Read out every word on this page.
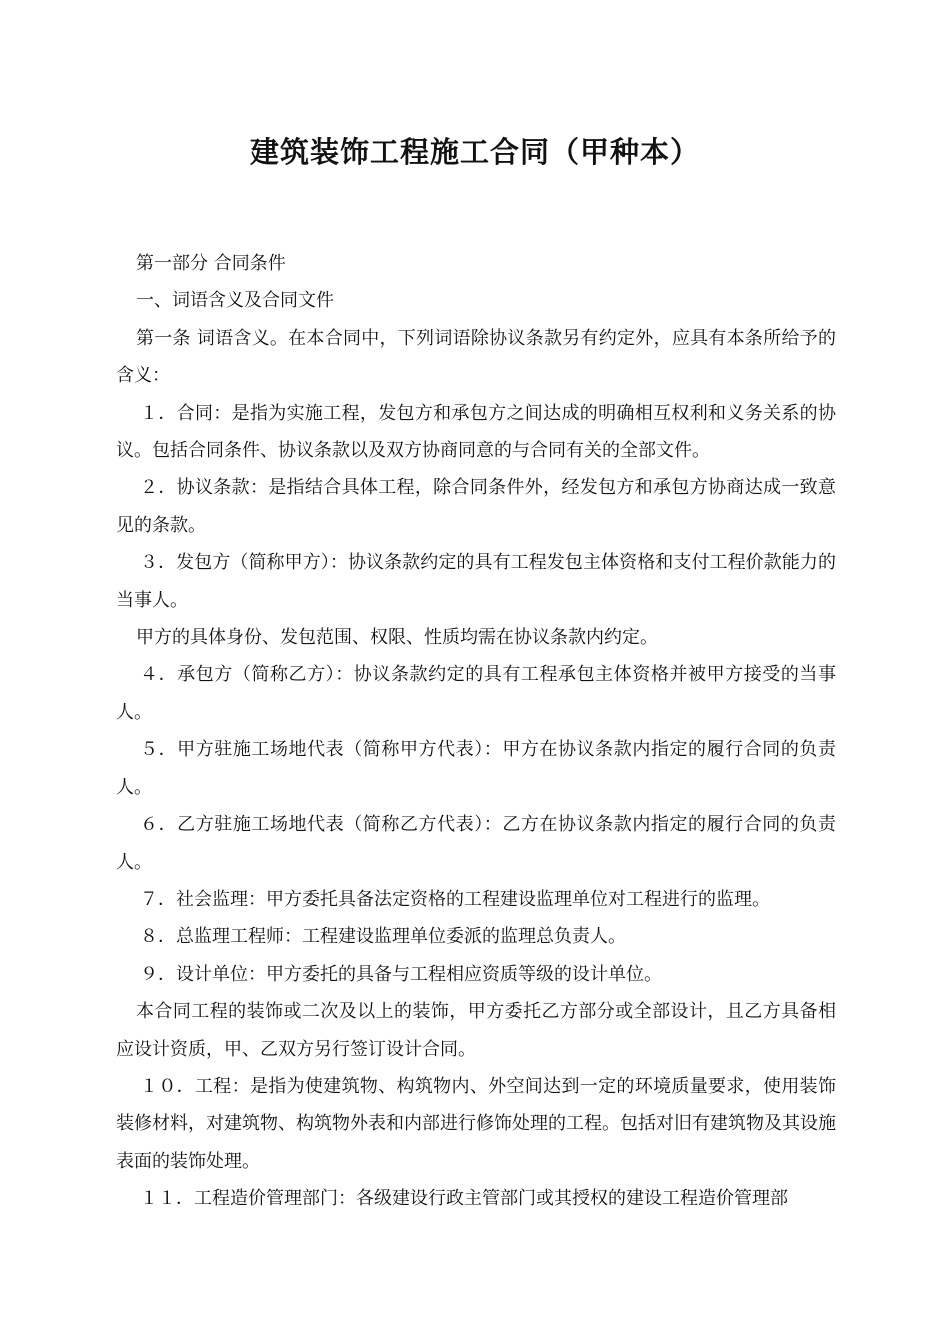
建筑装饰工程施工合同（甲种本）

第一部分 合同条件

一、词语含义及合同文件

第一条 词语含义。在本合同中，下列词语除协议条款另有约定外，应具有本条所给予的含义：

１．合同：是指为实施工程，发包方和承包方之间达成的明确相互权利和义务关系的协议。包括合同条件、协议条款以及双方协商同意的与合同有关的全部文件。

２．协议条款：是指结合具体工程，除合同条件外，经发包方和承包方协商达成一致意见的条款。

３．发包方（简称甲方）：协议条款约定的具有工程发包主体资格和支付工程价款能力的当事人。

甲方的具体身份、发包范围、权限、性质均需在协议条款内约定。

４．承包方（简称乙方）：协议条款约定的具有工程承包主体资格并被甲方接受的当事人。

５．甲方驻施工场地代表（简称甲方代表）：甲方在协议条款内指定的履行合同的负责人。

６．乙方驻施工场地代表（简称乙方代表）：乙方在协议条款内指定的履行合同的负责人。

７．社会监理：甲方委托具备法定资格的工程建设监理单位对工程进行的监理。

８．总监理工程师：工程建设监理单位委派的监理总负责人。

９．设计单位：甲方委托的具备与工程相应资质等级的设计单位。

本合同工程的装饰或二次及以上的装饰，甲方委托乙方部分或全部设计，且乙方具备相应设计资质，甲、乙双方另行签订设计合同。

１０．工程：是指为使建筑物、构筑物内、外空间达到一定的环境质量要求，使用装饰装修材料，对建筑物、构筑物外表和内部进行修饰处理的工程。包括对旧有建筑物及其设施表面的装饰处理。

１１．工程造价管理部门：各级建设行政主管部门或其授权的建设工程造价管理部
